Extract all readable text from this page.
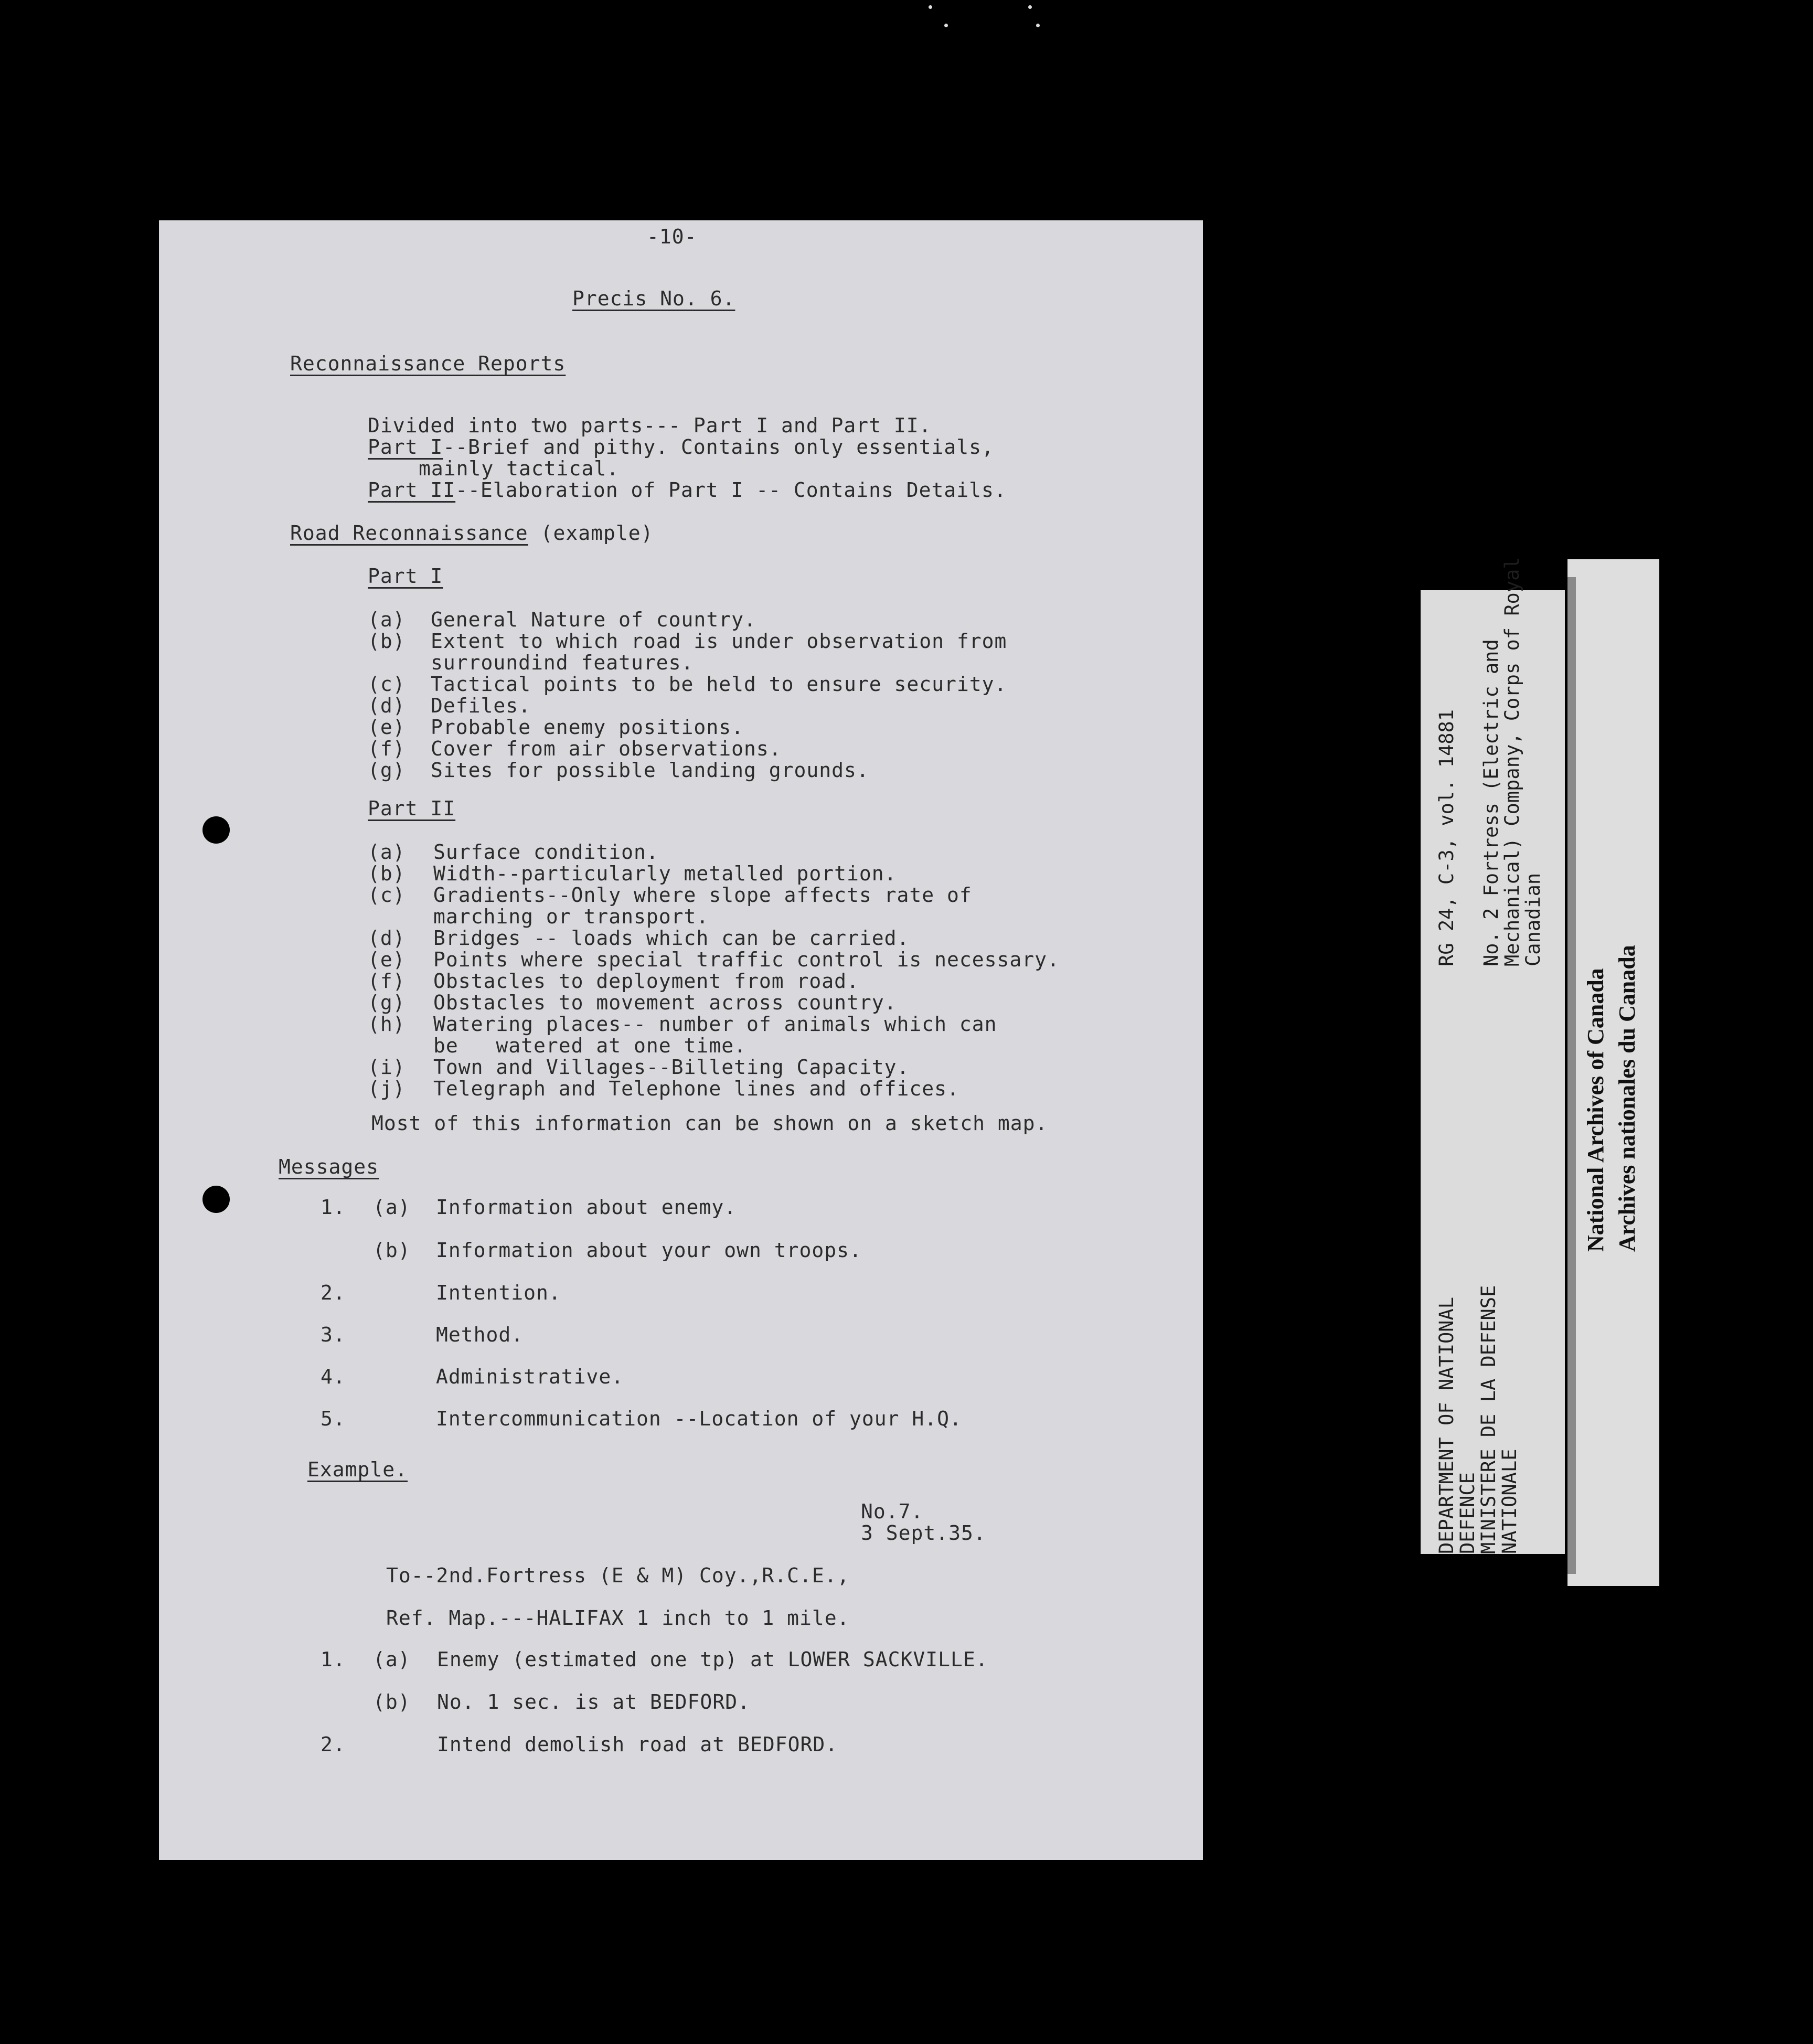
-10-
Precis No. 6.
Reconnaissance Reports
Divided into two parts--- Part I and Part II.
Part I--Brief and pithy. Contains only essentials,
mainly tactical.
Part II--Elaboration of Part I -- Contains Details.
Road Reconnaissance (example)
Part I
Part II
Most of this information can be shown on a sketch map.
Messages
Example.
No.7.
3 Sept.35.
To--2nd.Fortress (E & M) Coy.,R.C.E.,
Ref. Map.---HALIFAX 1 inch to 1 mile.
(a) General Nature of country.
(b) Extent to which road is under observation from
surroundind features.
(c) Tactical points to be held to ensure security.
(d) Defiles.
(e) Probable enemy positions.
(f) Cover from air observations.
(g) Sites for possible landing grounds.
(a) Surface condition.
(b) Width--particularly metalled portion.
(c) Gradients--Only where slope affects rate of
marching or transport.
(d) Bridges -- loads which can be carried.
(e) Points where special traffic control is necessary.
(f) Obstacles to deployment from road.
(g) Obstacles to movement across country.
(h) Watering places-- number of animals which can
be   watered at one time.
(i) Town and Villages--Billeting Capacity.
(j) Telegraph and Telephone lines and offices.
1. (a) Information about enemy.
(b) Information about your own troops.
2.	Intention.
3.	Method.
4.	Administrative.
5.	Intercommunication --Location of your H.Q.
1. (a) Enemy (estimated one tp) at LOWER SACKVILLE.
(b) No. 1 sec. is at BEDFORD.
2.	Intend demolish road at BEDFORD.
DEPARTMENT OF NATIONAL
DEFENCE
MINISTERE DE LA DEFENSE
NATIONALE
RG 24, C-3, vol. 14881 No. 2 Fortress (Electric and
Mechanical) Company, Corps of Royal
Canadian
National Archives of Canada Archives nationales du Canada
